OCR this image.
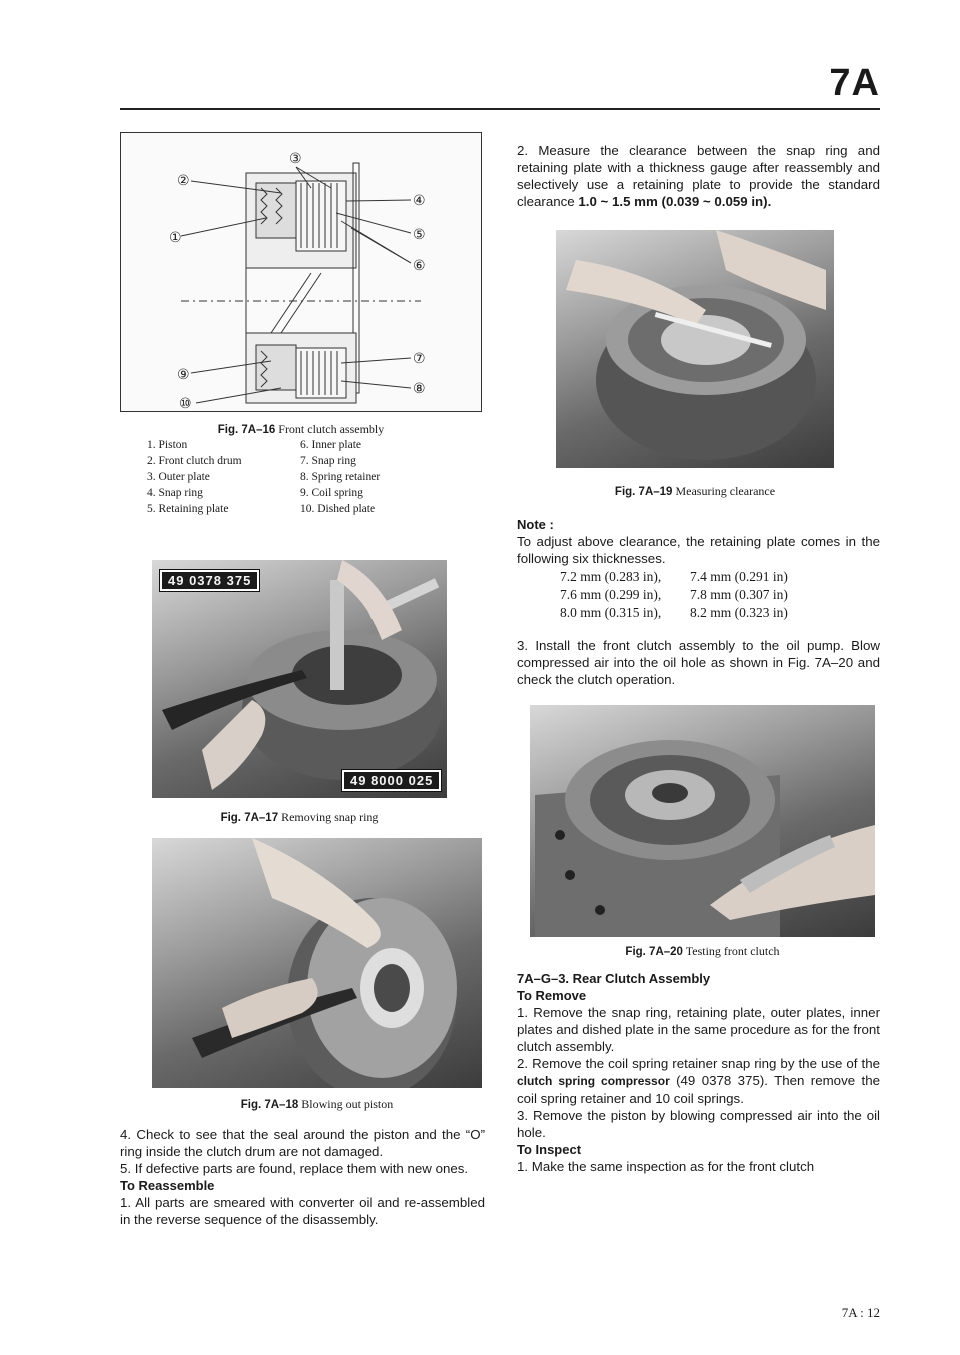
7A
①
②
③
④
⑤
⑥
⑦
⑧
⑨
⑩
Fig. 7A–16 Front clutch assembly
1. Piston
2. Front clutch drum
3. Outer plate
4. Snap ring
5. Retaining plate
6. Inner plate
7. Snap ring
8. Spring retainer
9. Coil spring
10. Dished plate
49 0378 375
49 8000 025
Fig. 7A–17 Removing snap ring
Fig. 7A–18 Blowing out piston

4. Check to see that the seal around the piston and the “O” ring inside the clutch drum are not damaged.

5. If defective parts are found, replace them with new ones.

To Reassemble

1. All parts are smeared with converter oil and re-assembled in the reverse sequence of the disassembly.

2. Measure the clearance between the snap ring and retaining plate with a thickness gauge after reassembly and selectively use a retaining plate to provide the standard clearance 1.0 ~ 1.5 mm (0.039 ~ 0.059 in).

Fig. 7A–19 Measuring clearance

Note :

To adjust above clearance, the retaining plate comes in the following six thicknesses.

7.2 mm (0.283 in), 7.4 mm (0.291 in)
7.6 mm (0.299 in), 7.8 mm (0.307 in)
8.0 mm (0.315 in), 8.2 mm (0.323 in)

3. Install the front clutch assembly to the oil pump. Blow compressed air into the oil hole as shown in Fig. 7A–20 and check the clutch operation.

Fig. 7A–20 Testing front clutch

7A–G–3. Rear Clutch Assembly

To Remove

1. Remove the snap ring, retaining plate, outer plates, inner plates and dished plate in the same procedure as for the front clutch assembly.

2. Remove the coil spring retainer snap ring by the use of the clutch spring compressor (49 0378 375). Then remove the coil spring retainer and 10 coil springs.

3. Remove the piston by blowing compressed air into the oil hole.

To Inspect

1. Make the same inspection as for the front clutch

7A : 12
